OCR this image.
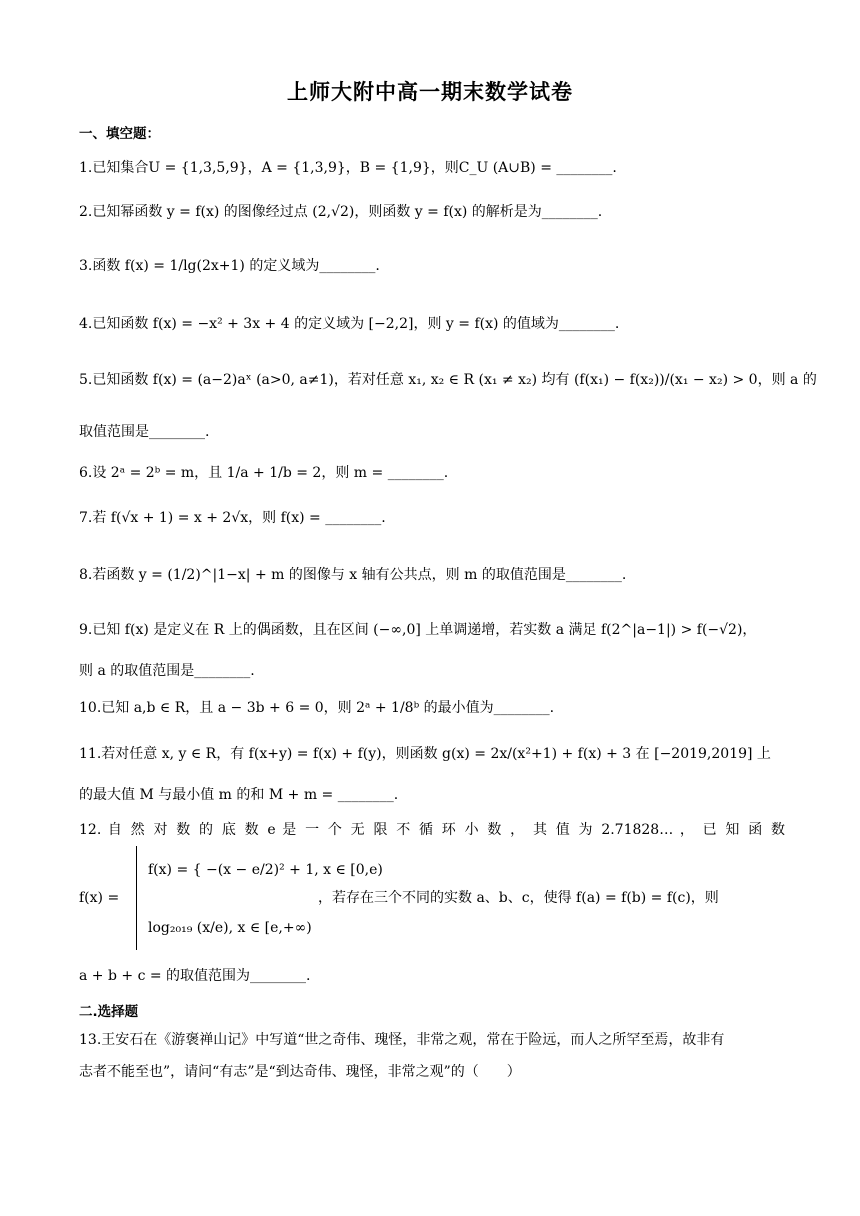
上师大附中高一期末数学试卷
一、填空题：
1.已知集合U = {1,3,5,9}，A = {1,3,9}，B = {1,9}，则C_U (A∪B) = ________.
2.已知幂函数 y = f(x) 的图像经过点 (2,√2)，则函数 y = f(x) 的解析是为________.
3.函数 f(x) = 1/lg(2x+1) 的定义域为________.
4.已知函数 f(x) = −x² + 3x + 4 的定义域为 [−2,2]，则 y = f(x) 的值域为________.
5.已知函数 f(x) = (a−2)aˣ (a>0, a≠1)，若对任意 x₁, x₂ ∈ R (x₁ ≠ x₂) 均有 (f(x₁) − f(x₂))/(x₁ − x₂) > 0，则 a 的
取值范围是________.
6.设 2ᵃ = 2ᵇ = m，且 1/a + 1/b = 2，则 m = ________.
7.若 f(√x + 1) = x + 2√x，则 f(x) = ________.
8.若函数 y = (1/2)^|1−x| + m 的图像与 x 轴有公共点，则 m 的取值范围是________.
9.已知 f(x) 是定义在 R 上的偶函数，且在区间 (−∞,0] 上单调递增，若实数 a 满足 f(2^|a−1|) > f(−√2)，
则 a 的取值范围是________.
10.已知 a,b ∈ R，且 a − 3b + 6 = 0，则 2ᵃ + 1/8ᵇ 的最小值为________.
11.若对任意 x, y ∈ R，有 f(x+y) = f(x) + f(y)，则函数 g(x) = 2x/(x²+1) + f(x) + 3 在 [−2019,2019] 上
的最大值 M 与最小值 m 的和 M + m = ________.
12. 自 然 对 数 的 底 数 e 是 一 个 无 限 不 循 环 小 数 ， 其 值 为 2.71828… ， 已 知 函 数
f(x) =
f(x) = { −(x − e/2)² + 1, x ∈ [0,e)
log₂₀₁₉ (x/e), x ∈ [e,+∞)
，若存在三个不同的实数 a、b、c，使得 f(a) = f(b) = f(c)，则
a + b + c = 的取值范围为________.
二.选择题
13.王安石在《游褒禅山记》中写道“世之奇伟、瑰怪，非常之观，常在于险远，而人之所罕至焉，故非有
志者不能至也”，请问“有志”是“到达奇伟、瑰怪，非常之观”的（　　）
